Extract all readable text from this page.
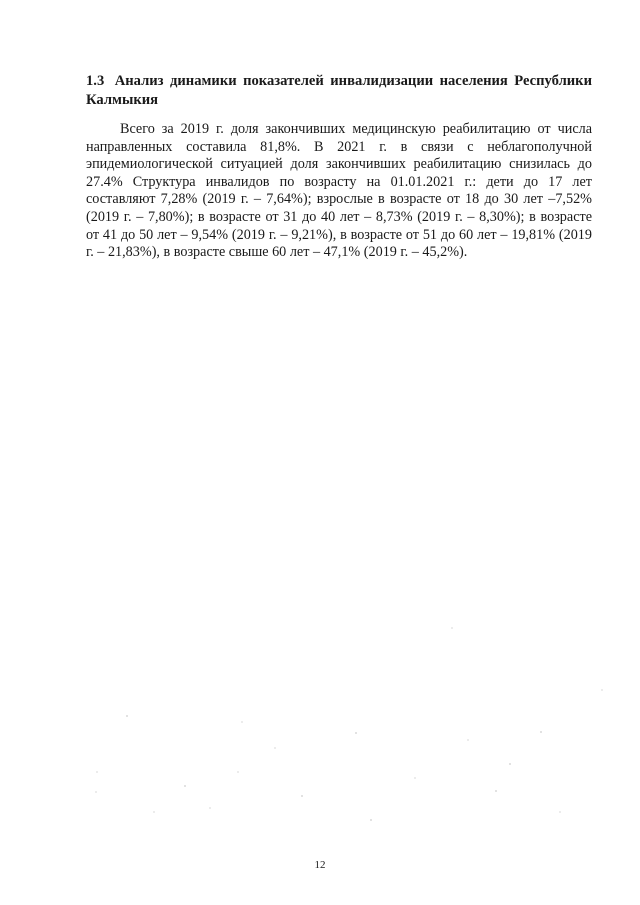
1.3 Анализ динамики показателей инвалидизации населения Республики Калмыкия

Всего за 2019 г. доля закончивших медицинскую реабилитацию от числа
направленных составила 81,8%. В 2021 г. в связи с неблагополучной
эпидемиологической ситуацией доля закончивших реабилитацию снизилась до
27.4% Структура инвалидов по возрасту на 01.01.2021 г.: дети до 17 лет
составляют 7,28% (2019 г. – 7,64%); взрослые в возрасте от 18 до 30 лет –7,52%
(2019 г. – 7,80%); в возрасте от 31 до 40 лет – 8,73% (2019 г. – 8,30%); в возрасте
от 41 до 50 лет – 9,54% (2019 г. – 9,21%), в возрасте от 51 до 60 лет – 19,81% (2019
г. – 21,83%), в возрасте свыше 60 лет – 47,1% (2019 г. – 45,2%).

12
